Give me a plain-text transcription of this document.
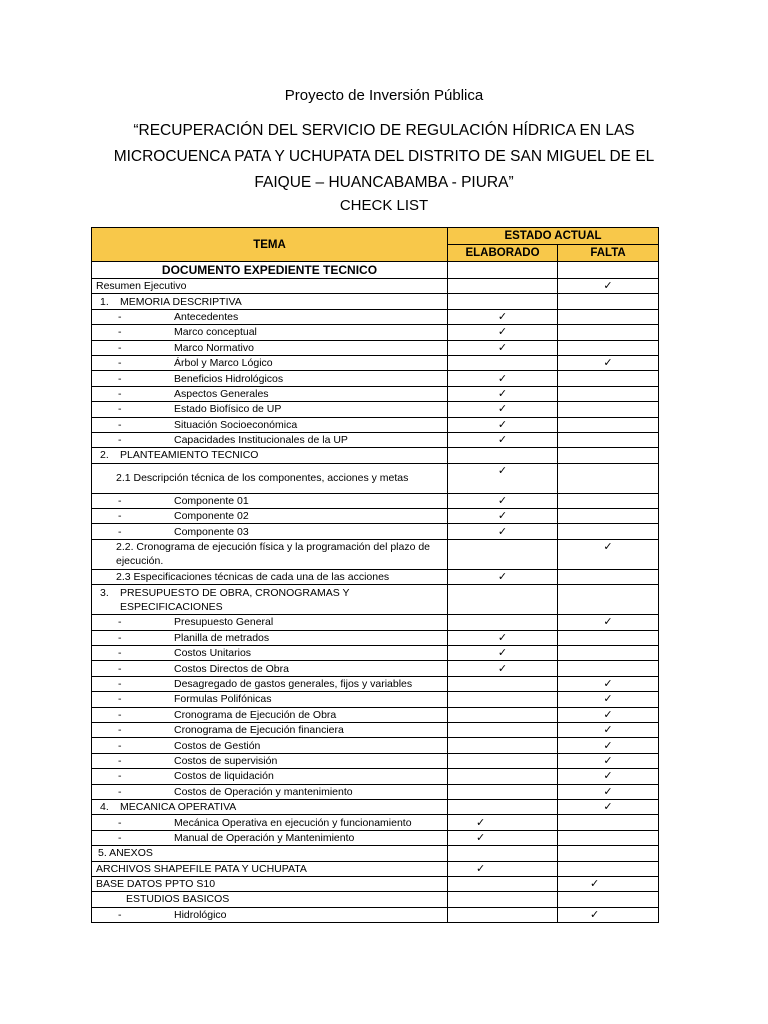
Proyecto de Inversión Pública
“RECUPERACIÓN DEL SERVICIO DE REGULACIÓN HÍDRICA EN LAS MICROCUENCA PATA Y UCHUPATA DEL DISTRITO DE SAN MIGUEL DE EL FAIQUE – HUANCABAMBA - PIURA”
CHECK LIST
TEMA	ESTADO ACTUAL	
	ELABORADO	FALTA
DOCUMENTO EXPEDIENTE TECNICO		
Resumen Ejecutivo		✓
1. MEMORIA DESCRIPTIVA		
- Antecedentes	✓	
- Marco conceptual	✓	
- Marco Normativo	✓	
- Árbol y Marco Lógico		✓
- Beneficios Hidrológicos	✓	
- Aspectos Generales	✓	
- Estado Biofísico de UP	✓	
- Situación Socioeconómica	✓	
- Capacidades Institucionales de la UP	✓	
2. PLANTEAMIENTO TECNICO		
2.1 Descripción técnica de los componentes, acciones y metas	✓	
- Componente 01	✓	
- Componente 02	✓	
- Componente 03	✓	
2.2. Cronograma de ejecución física y la programación del plazo de ejecución.		✓
2.3 Especificaciones técnicas de cada una de las acciones	✓	
3. PRESUPUESTO DE OBRA, CRONOGRAMAS Y ESPECIFICACIONES		
- Presupuesto General		✓
- Planilla de metrados	✓	
- Costos Unitarios	✓	
- Costos Directos de Obra	✓	
- Desagregado de gastos generales, fijos y variables		✓
- Formulas Polifónicas		✓
- Cronograma de Ejecución de Obra		✓
- Cronograma de Ejecución financiera		✓
- Costos de Gestión		✓
- Costos de supervisión		✓
- Costos de liquidación		✓
- Costos de Operación y mantenimiento		✓
4. MECANICA OPERATIVA		✓
- Mecánica Operativa en ejecución y funcionamiento	✓	
- Manual de Operación y Mantenimiento	✓	
5. ANEXOS		
ARCHIVOS SHAPEFILE PATA Y UCHUPATA	✓	
BASE DATOS PPTO S10		✓
ESTUDIOS BASICOS		
- Hidrológico		✓
